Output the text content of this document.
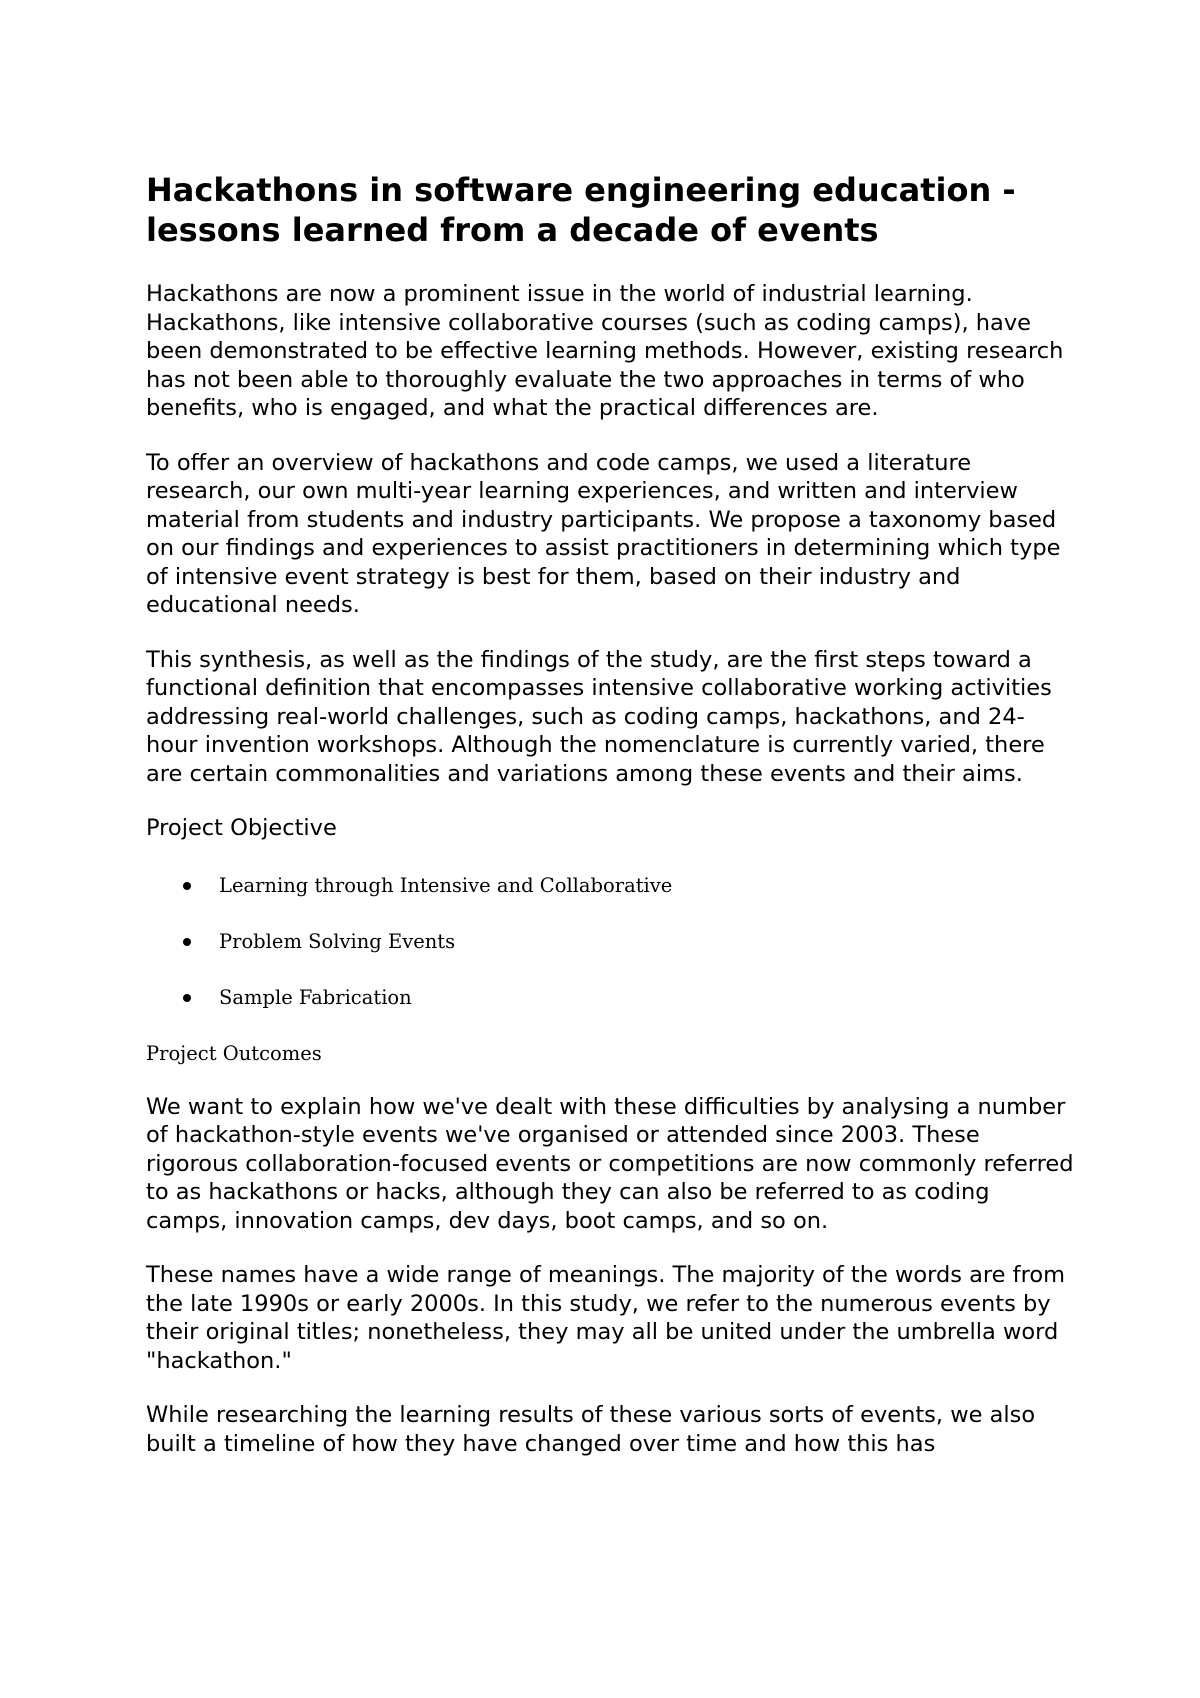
Hackathons in software engineering education - lessons learned from a decade of events

Hackathons are now a prominent issue in the world of industrial learning. Hackathons, like intensive collaborative courses (such as coding camps), have been demonstrated to be effective learning methods. However, existing research has not been able to thoroughly evaluate the two approaches in terms of who benefits, who is engaged, and what the practical differences are.

To offer an overview of hackathons and code camps, we used a literature research, our own multi-year learning experiences, and written and interview material from students and industry participants. We propose a taxonomy based on our findings and experiences to assist practitioners in determining which type of intensive event strategy is best for them, based on their industry and educational needs.

This synthesis, as well as the findings of the study, are the first steps toward a functional definition that encompasses intensive collaborative working activities addressing real-world challenges, such as coding camps, hackathons, and 24-hour invention workshops. Although the nomenclature is currently varied, there are certain commonalities and variations among these events and their aims.

Project Objective

Learning through Intensive and Collaborative
Problem Solving Events
Sample Fabrication

Project Outcomes

We want to explain how we've dealt with these difficulties by analysing a number of hackathon-style events we've organised or attended since 2003. These rigorous collaboration-focused events or competitions are now commonly referred to as hackathons or hacks, although they can also be referred to as coding camps, innovation camps, dev days, boot camps, and so on.

These names have a wide range of meanings. The majority of the words are from the late 1990s or early 2000s. In this study, we refer to the numerous events by their original titles; nonetheless, they may all be united under the umbrella word "hackathon."

While researching the learning results of these various sorts of events, we also built a timeline of how they have changed over time and how this has
